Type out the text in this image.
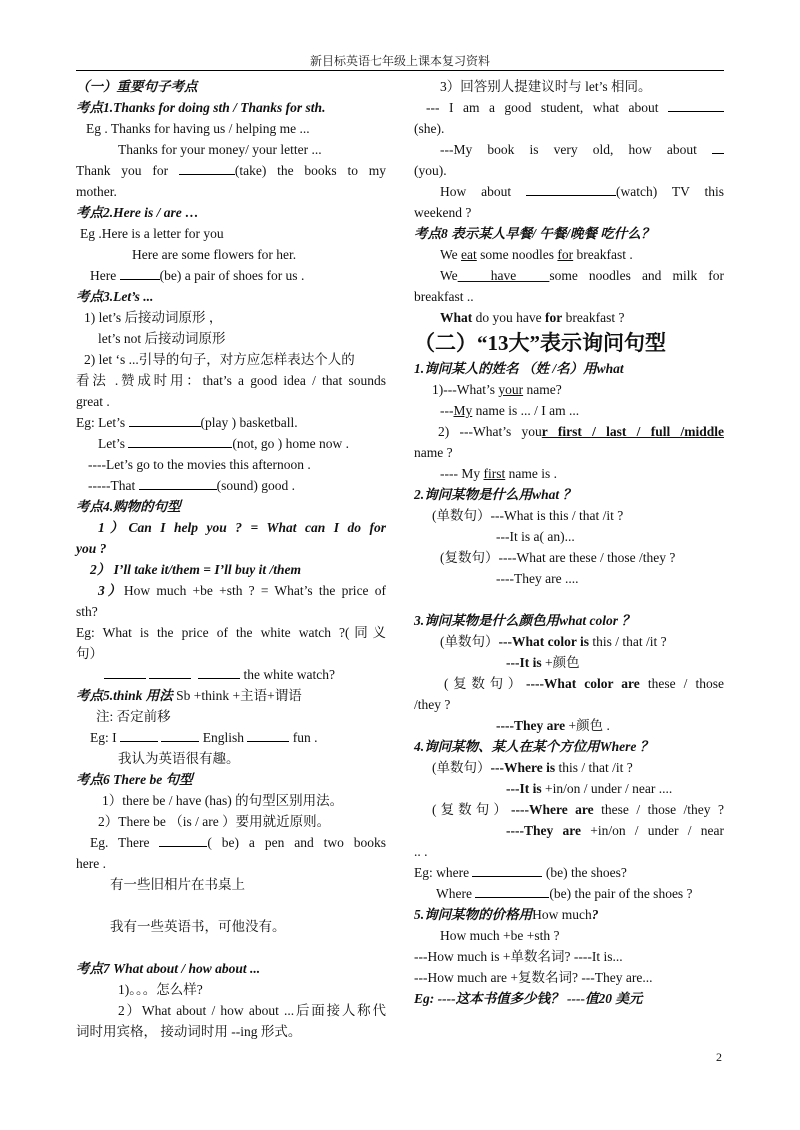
新目标英语七年级上课本复习资料

（一）重要句子考点

考点1.Thanks for doing sth / Thanks for sth.

Eg . Thanks for having us / helping me ...

Thanks for your money/ your letter ...

Thank you for	(take) the books to my

mother.

考点2.Here is / are …

Eg .Here is a letter for you

Here are some flowers for her.

Here	(be) a pair of shoes for us .

考点3.Let’s ...

1) let’s 后接动词原形 ，

let’s not 后接动词原形

2) let ‘s ...引导的句子，对方应怎样表达个人的

看法 .赞成时用：that’s a good idea / that sounds

great .

Eg: Let’s	(play ) basketball.

Let’s	(not, go ) home now .

----Let’s go to the movies this afternoon .

-----That	(sound) good .

考点4.购物的句型

1）Can I help you ? = What can I do for

you ?

2） I’ll take it/them = I’ll buy it /them

3）How much +be +sth ? = What’s the price of

sth?

Eg: What is the price of the white watch ?(同义

句）

the white watch?

考点5.think 用法 Sb +think +主语+谓语

注: 否定前移

Eg: I	English	fun .

我认为英语很有趣。

考点6 There be 句型

1）there be / have (has) 的句型区别用法。

2）There be （is / are ）要用就近原则。

Eg. There	( be) a pen and two books

here .

有一些旧相片在书桌上

我有一些英语书，可他没有。

考点7 What about / how about ...

1)。。。怎么样?

2）What about / how about ...后面接人称代

词时用宾格， 接动词时用 --ing 形式。

3）回答别人提建议时与 let’s 相同。

--- I am a good student, what about

(she).

---My book is very old, how about

(you).

How about	(watch) TV this

weekend ?

考点8 表示某人早餐/ 午餐/晚餐 吃什么？

We eat some noodles for breakfast .

We   have   some noodles and milk for

breakfast ..

What do you have for breakfast ?

（二）“13大”表示询问句型

1.询问某人的姓名 （姓 /名）用what

1)---What’s your name?

---My name is ... / I am ...

2) ---What’s your first / last / full /middle

name ?

---- My first name is .

2.询问某物是什么用what ？

(单数句）---What is this / that /it ?

---It is a( an)...

(复数句）----What are these / those /they ?

----They are ....

3.询问某物是什么颜色用what color ？

(单数句）---What color is this / that /it ?

---It is +颜色

(复数句）----What color are these / those

/they ?

----They are +颜色 .

4.询问某物、某人在某个方位用Where ？

(单数句）---Where is this / that /it ?

---It is +in/on / under / near ....

(复数句）----Where are these / those /they ?

----They are +in/on / under / near

.. .

Eg: where	(be) the shoes?

Where	(be) the pair of the shoes ?

5.询问某物的价格用How much?

How much +be +sth ?

---How much is +单数名词? ----It is...

---How much are +复数名词? ---They are...

Eg: ----这本书值多少钱？ ----值20 美元

2
